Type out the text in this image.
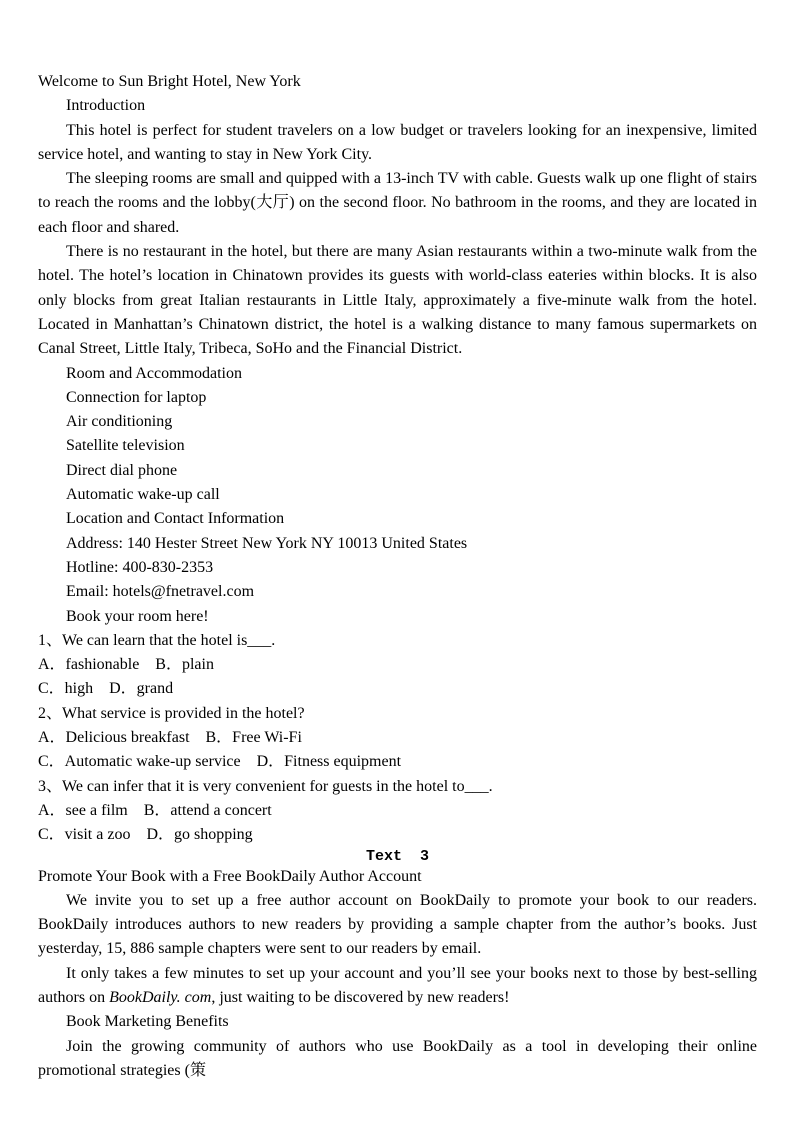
Welcome to Sun Bright Hotel, New York

Introduction

This hotel is perfect for student travelers on a low budget or travelers looking for an inexpensive, limited service hotel, and wanting to stay in New York City.

The sleeping rooms are small and quipped with a 13-inch TV with cable. Guests walk up one flight of stairs to reach the rooms and the lobby(大厅) on the second floor. No bathroom in the rooms, and they are located in each floor and shared.

There is no restaurant in the hotel, but there are many Asian restaurants within a two-minute walk from the hotel. The hotel’s location in Chinatown provides its guests with world-class eateries within blocks. It is also only blocks from great Italian restaurants in Little Italy, approximately a five-minute walk from the hotel. Located in Manhattan’s Chinatown district, the hotel is a walking distance to many famous supermarkets on Canal Street, Little Italy, Tribeca, SoHo and the Financial District.

Room and Accommodation

Connection for laptop

Air conditioning

Satellite television

Direct dial phone

Automatic wake-up call

Location and Contact Information

Address: 140 Hester Street New York NY 10013 United States

Hotline: 400-830-2353

Email: hotels@fnetravel.com

Book your room here!

1、We can learn that the hotel is___.

A．fashionable　B．plain

C．high　D．grand

2、What service is provided in the hotel?

A．Delicious breakfast　B．Free Wi-Fi

C．Automatic wake-up service　D．Fitness equipment

3、We can infer that it is very convenient for guests in the hotel to___.

A．see a film　B．attend a concert

C．visit a zoo　D．go shopping

Text  3

Promote Your Book with a Free BookDaily Author Account

We invite you to set up a free author account on BookDaily to promote your book to our readers. BookDaily introduces authors to new readers by providing a sample chapter from the author’s books. Just yesterday, 15, 886 sample chapters were sent to our readers by email.

It only takes a few minutes to set up your account and you’ll see your books next to those by best-selling authors on BookDaily. com, just waiting to be discovered by new readers!

Book Marketing Benefits

Join the growing community of authors who use BookDaily as a tool in developing their online promotional strategies (策
